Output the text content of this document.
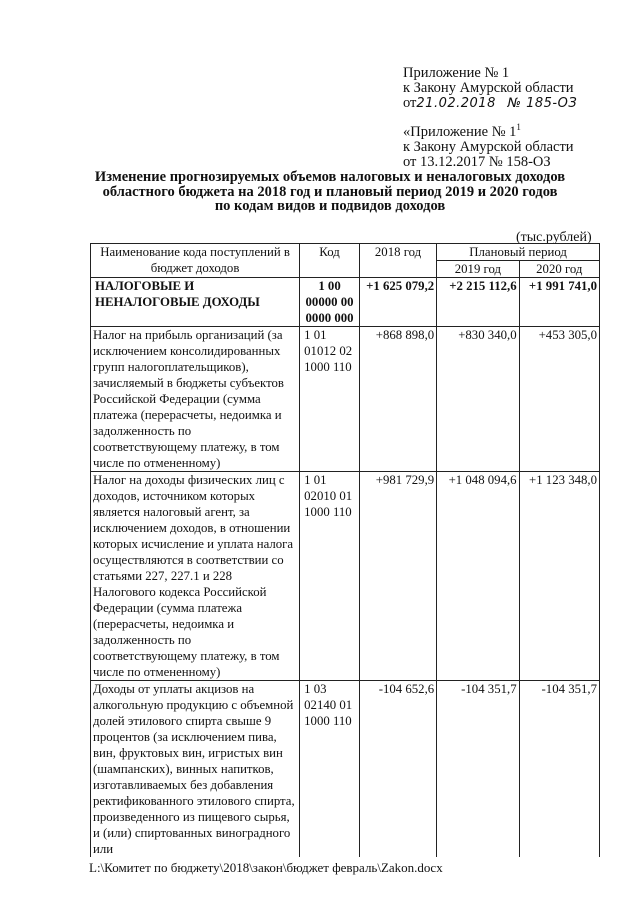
Приложение № 1
к Закону Амурской области
от21.02.2018 № 185-ОЗ
«Приложение № $1^1$
к Закону Амурской области
от 13.12.2017 № 158-ОЗ
Изменение прогнозируемых объемов налоговых и неналоговых доходов
областного бюджета на 2018 год и плановый период 2019 и 2020 годов
по кодам видов и подвидов доходов
(тыс.рублей)
Наименование кода поступлений в бюджет доходов	Код	2018 год	Плановый период	
			2019 год	2020 год
НАЛОГОВЫЕ И НЕНАЛОГОВЫЕ ДОХОДЫ	1 00 00000 00 0000 000	+1 625 079,2	+2 215 112,6	+1 991 741,0
Налог на прибыль организаций (за исключением консолидированных групп налогоплательщиков), зачисляемый в бюджеты субъектов Российской Федерации (сумма платежа (перерасчеты, недоимка и задолженность по соответствующему платежу, в том числе по отмененному)	1 01 01012 02 1000 110	+868 898,0	+830 340,0	+453 305,0
Налог на доходы физических лиц с доходов, источником которых является налоговый агент, за исключением доходов, в отношении которых исчисление и уплата налога осуществляются в соответствии со статьями 227, 227.1 и 228 Налогового кодекса Российской Федерации (сумма платежа (перерасчеты, недоимка и задолженность по соответствующему платежу, в том числе по отмененному)	1 01 02010 01 1000 110	+981 729,9	+1 048 094,6	+1 123 348,0
Доходы от уплаты акцизов на алкогольную продукцию с объемной долей этилового спирта свыше 9 процентов (за исключением пива, вин, фруктовых вин, игристых вин (шампанских), винных напитков, изготавливаемых без добавления ректификованного этилового спирта, произведенного из пищевого сырья, и (или) спиртованных виноградного или	1 03 02140 01 1000 110	-104 652,6	-104 351,7	-104 351,7
L:\Комитет по бюджету\2018\закон\бюджет февраль\Zakon.docx
